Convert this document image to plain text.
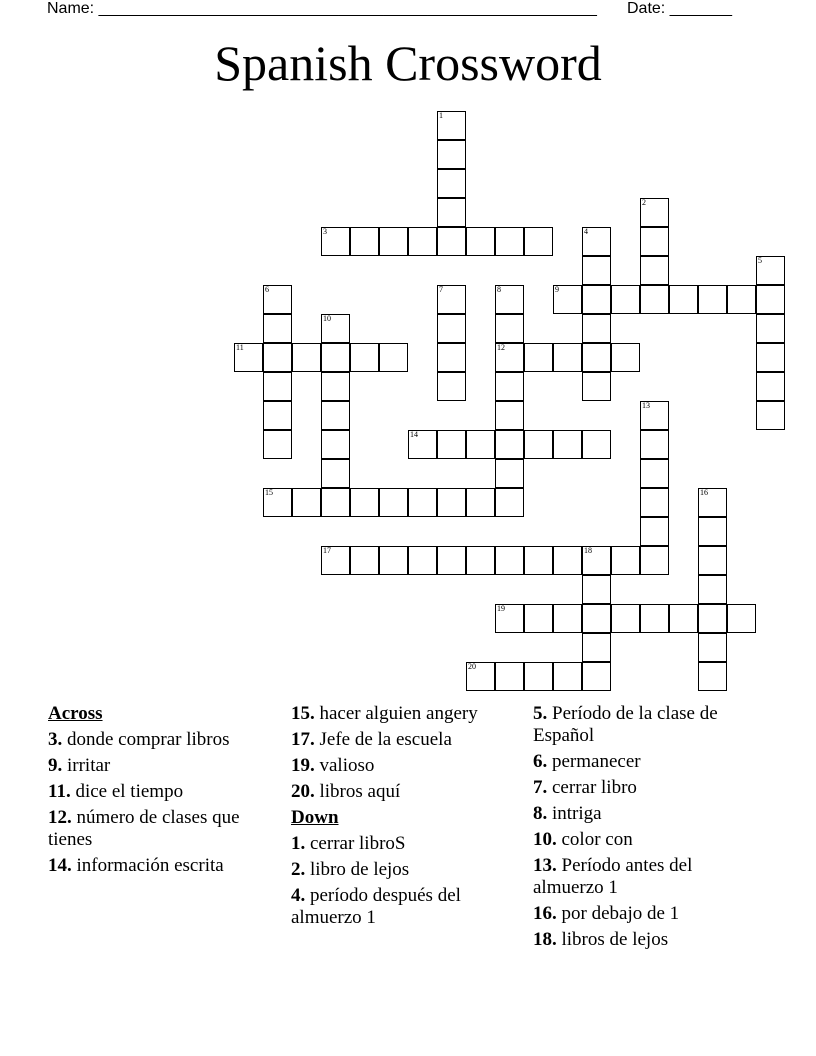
Name: ________________________________________________________ Date: _______
Spanish Crossword
1
2
3	4
5
6	7	8
12
9
10
11
13
14
15	16
17	18
19
20
Across
3. donde comprar libros
9. irritar
11. dice el tiempo
12. número de clases que tienes
14. información escrita
15. hacer alguien angery
17. Jefe de la escuela
19. valioso
20. libros aquí
Down
1. cerrar libroS
2. libro de lejos
4. período después del almuerzo 1
5. Período de la clase de Español
6. permanecer
7. cerrar libro
8. intriga
10. color con
13. Período antes del almuerzo 1
16. por debajo de 1
18. libros de lejos
